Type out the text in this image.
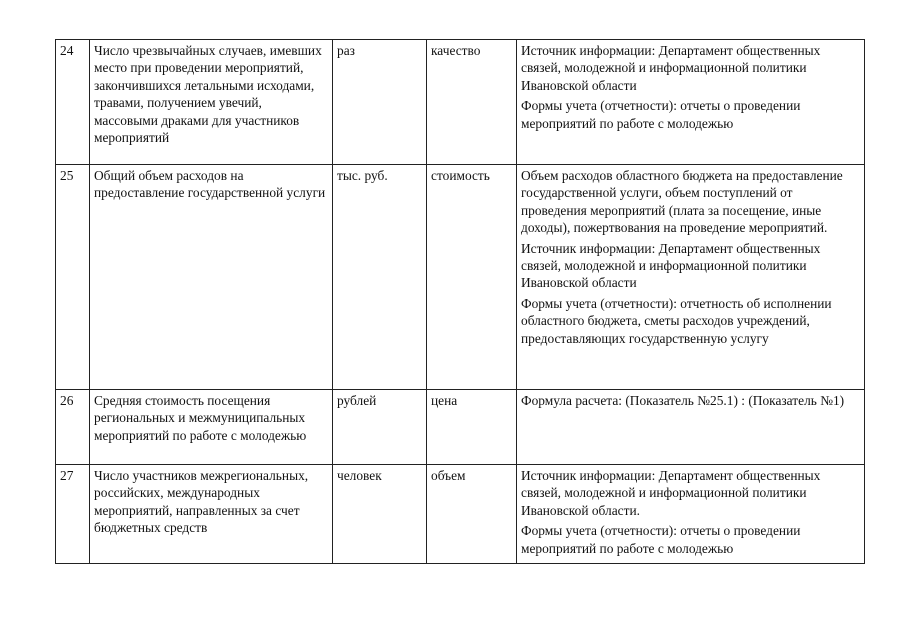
24	Число чрезвычайных случаев, имевших место при проведении мероприятий, закончившихся летальными исходами, травами, получением увечий, массовыми драками для участников мероприятий	раз	качество	Источник информации: Департамент общественных связей, молодежной и информационной политики Ивановской области
Формы учета (отчетности): отчеты о проведении мероприятий по работе с молодежью

25	Общий объем расходов на предоставление государственной услуги	тыс. руб.	стоимость	Объем расходов областного бюджета на предоставление государственной услуги, объем поступлений от проведения мероприятий (плата за посещение, иные доходы), пожертвования на проведение мероприятий.
Источник информации: Департамент общественных связей, молодежной и информационной политики Ивановской области
Формы учета (отчетности): отчетность об исполнении областного бюджета, сметы расходов учреждений, предоставляющих государственную услугу

26	Средняя стоимость посещения региональных и межмуниципальных мероприятий по работе с молодежью	рублей	цена	Формула расчета: (Показатель №25.1) : (Показатель №1)

27	Число участников межрегиональных, российских, международных мероприятий, направленных за счет бюджетных средств	человек	объем	Источник информации: Департамент общественных связей, молодежной и информационной политики Ивановской области.
Формы учета (отчетности): отчеты о проведении мероприятий по работе с молодежью
